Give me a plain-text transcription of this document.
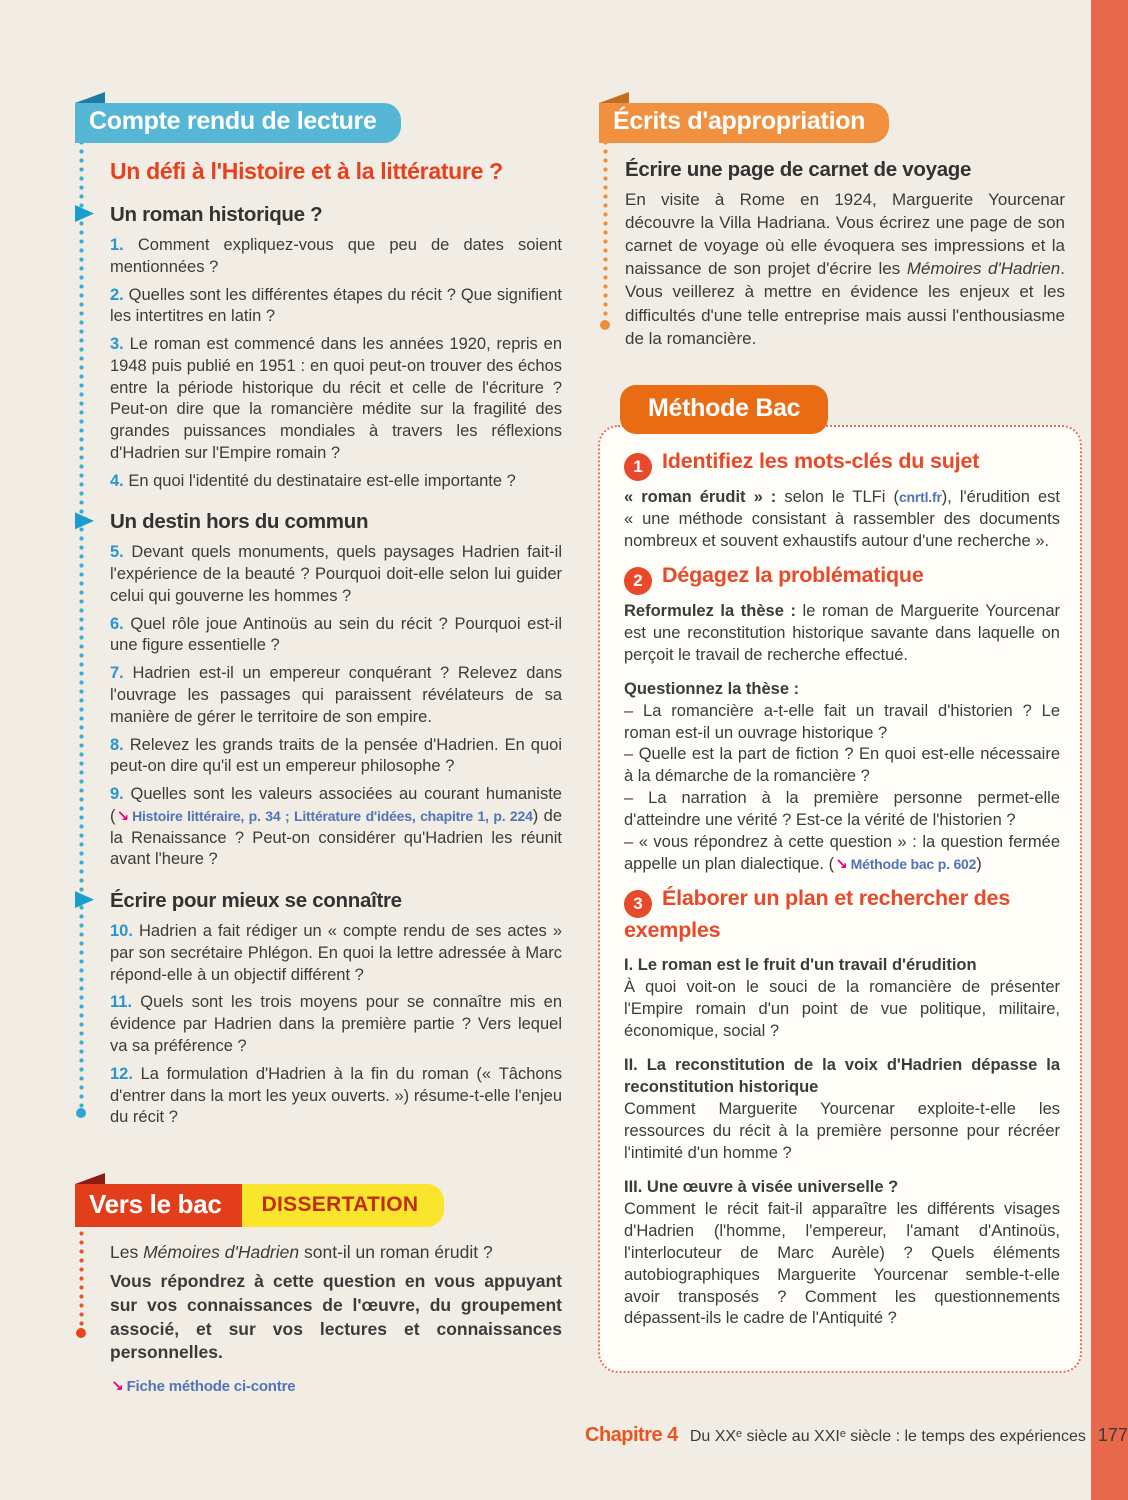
Compte rendu de lecture
Un défi à l'Histoire et à la littérature ?
Un roman historique ?

1. Comment expliquez-vous que peu de dates soient mentionnées ?

2. Quelles sont les différentes étapes du récit ? Que signifient les intertitres en latin ?

3. Le roman est commencé dans les années 1920, repris en 1948 puis publié en 1951 : en quoi peut-on trouver des échos entre la période historique du récit et celle de l'écriture ? Peut-on dire que la romancière médite sur la fragilité des grandes puissances mondiales à travers les réflexions d'Hadrien sur l'Empire romain ?

4. En quoi l'identité du destinataire est-elle importante ?

Un destin hors du commun

5. Devant quels monuments, quels paysages Hadrien fait-il l'expérience de la beauté ? Pourquoi doit-elle selon lui guider celui qui gouverne les hommes ?

6. Quel rôle joue Antinoüs au sein du récit ? Pourquoi est-il une figure essentielle ?

7. Hadrien est-il un empereur conquérant ? Relevez dans l'ouvrage les passages qui paraissent révélateurs de sa manière de gérer le territoire de son empire.

8. Relevez les grands traits de la pensée d'Hadrien. En quoi peut-on dire qu'il est un empereur philosophe ?

9. Quelles sont les valeurs associées au courant humaniste (↘ Histoire littéraire, p. 34 ; Littérature d'idées, chapitre 1, p. 224) de la Renaissance ? Peut-on considérer qu'Hadrien les réunit avant l'heure ?

Écrire pour mieux se connaître

10. Hadrien a fait rédiger un « compte rendu de ses actes » par son secrétaire Phlégon. En quoi la lettre adressée à Marc répond-elle à un objectif différent ?

11. Quels sont les trois moyens pour se connaître mis en évidence par Hadrien dans la première partie ? Vers lequel va sa préférence ?

12. La formulation d'Hadrien à la fin du roman (« Tâchons d'entrer dans la mort les yeux ouverts. ») résume-t-elle l'enjeu du récit ?

Vers le bac	DISSERTATION

Les Mémoires d'Hadrien sont-il un roman érudit ?

Vous répondrez à cette question en vous appuyant sur vos connaissances de l'œuvre, du groupement associé, et sur vos lectures et connaissances personnelles.

↘ Fiche méthode ci-contre

Écrits d'appropriation
Écrire une page de carnet de voyage

En visite à Rome en 1924, Marguerite Yourcenar découvre la Villa Hadriana. Vous écrirez une page de son carnet de voyage où elle évoquera ses impressions et la naissance de son projet d'écrire les Mémoires d'Hadrien. Vous veillerez à mettre en évidence les enjeux et les difficultés d'une telle entreprise mais aussi l'enthousiasme de la romancière.

Méthode Bac
1 Identifiez les mots-clés du sujet

« roman érudit » : selon le TLFi (cnrtl.fr), l'érudition est « une méthode consistant à rassembler des documents nombreux et souvent exhaustifs autour d'une recherche ».

2 Dégagez la problématique

Reformulez la thèse : le roman de Marguerite Yourcenar est une reconstitution historique savante dans laquelle on perçoit le travail de recherche effectué.

Questionnez la thèse :

– La romancière a-t-elle fait un travail d'historien ? Le roman est-il un ouvrage historique ?

– Quelle est la part de fiction ? En quoi est-elle nécessaire à la démarche de la romancière ?

– La narration à la première personne permet-elle d'atteindre une vérité ? Est-ce la vérité de l'historien ?

– « vous répondrez à cette question » : la question fermée appelle un plan dialectique. (↘ Méthode bac p. 602)

3 Élaborer un plan et rechercher des exemples

I. Le roman est le fruit d'un travail d'érudition

À quoi voit-on le souci de la romancière de présenter l'Empire romain d'un point de vue politique, militaire, économique, social ?

II. La reconstitution de la voix d'Hadrien dépasse la reconstitution historique

Comment Marguerite Yourcenar exploite-t-elle les ressources du récit à la première personne pour récréer l'intimité d'un homme ?

III. Une œuvre à visée universelle ?

Comment le récit fait-il apparaître les différents visages d'Hadrien (l'homme, l'empereur, l'amant d'Antinoüs, l'interlocuteur de Marc Aurèle) ? Quels éléments autobiographiques Marguerite Yourcenar semble-t-elle avoir transposés ? Comment les questionnements dépassent-ils le cadre de l'Antiquité ?

Chapitre 4 Du XXᵉ siècle au XXIᵉ siècle : le temps des expériences 177
